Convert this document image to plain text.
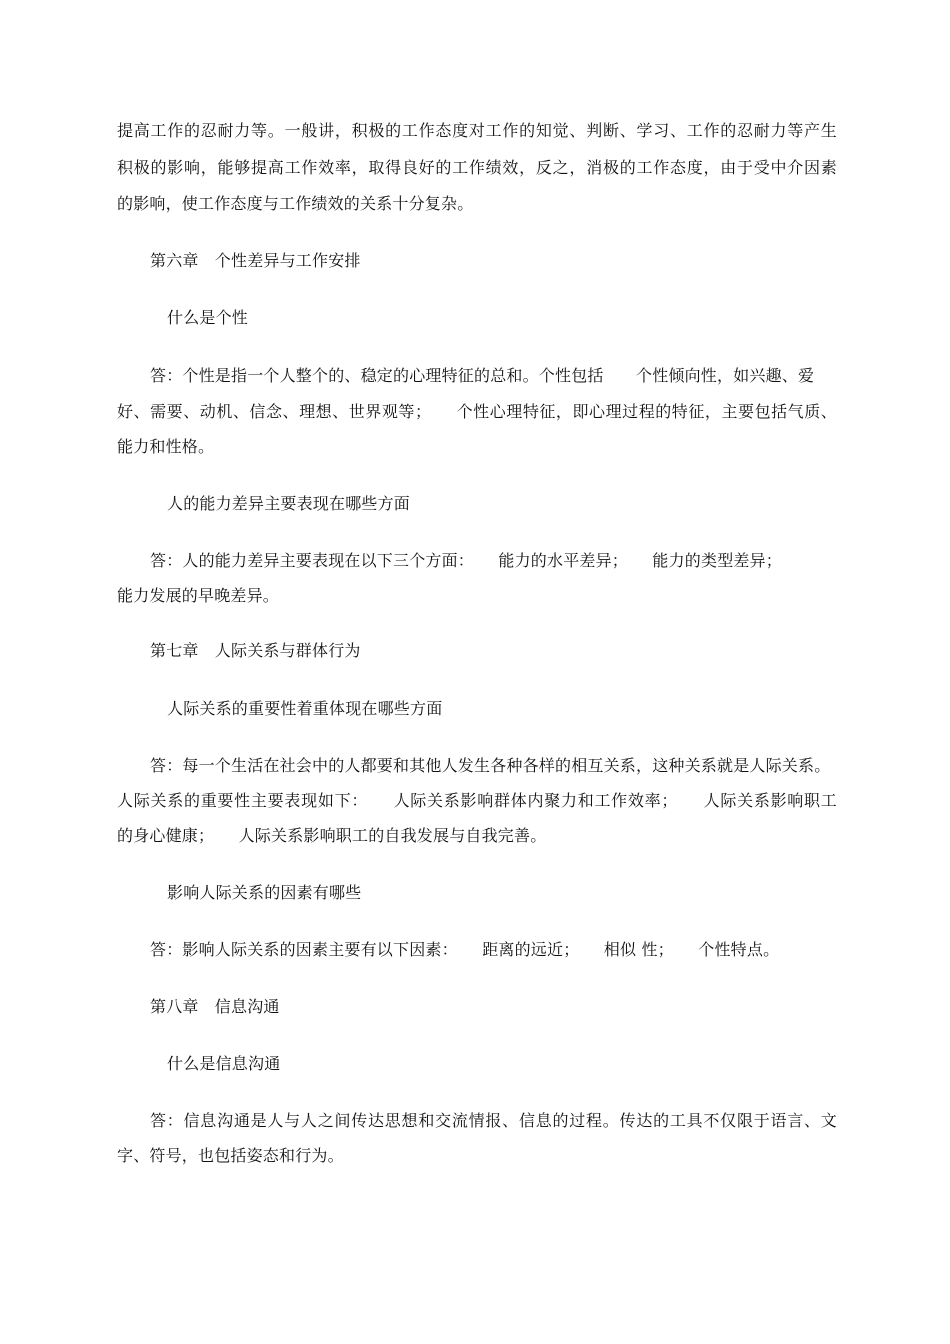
提高工作的忍耐力等。一般讲，积极的工作态度对工作的知觉、判断、学习、工作的忍耐力等产生
积极的影响，能够提高工作效率，取得良好的工作绩效，反之，消极的工作态度，由于受中介因素
的影响，使工作态度与工作绩效的关系十分复杂。
第六章　个性差异与工作安排
什么是个性
答：个性是指一个人整个的、稳定的心理特征的总和。个性包括　　个性倾向性，如兴趣、爱
好、需要、动机、信念、理想、世界观等；　　个性心理特征，即心理过程的特征，主要包括气质、
能力和性格。
人的能力差异主要表现在哪些方面
答：人的能力差异主要表现在以下三个方面：　　能力的水平差异；　　能力的类型差异；
能力发展的早晚差异。
第七章　人际关系与群体行为
人际关系的重要性着重体现在哪些方面
答：每一个生活在社会中的人都要和其他人发生各种各样的相互关系，这种关系就是人际关系。
人际关系的重要性主要表现如下：　　人际关系影响群体内聚力和工作效率；　　人际关系影响职工
的身心健康；　　人际关系影响职工的自我发展与自我完善。
影响人际关系的因素有哪些
答：影响人际关系的因素主要有以下因素：　　距离的远近；　　相似 性；　　个性特点。
第八章　信息沟通
什么是信息沟通
答：信息沟通是人与人之间传达思想和交流情报、信息的过程。传达的工具不仅限于语言、文
字、符号，也包括姿态和行为。
